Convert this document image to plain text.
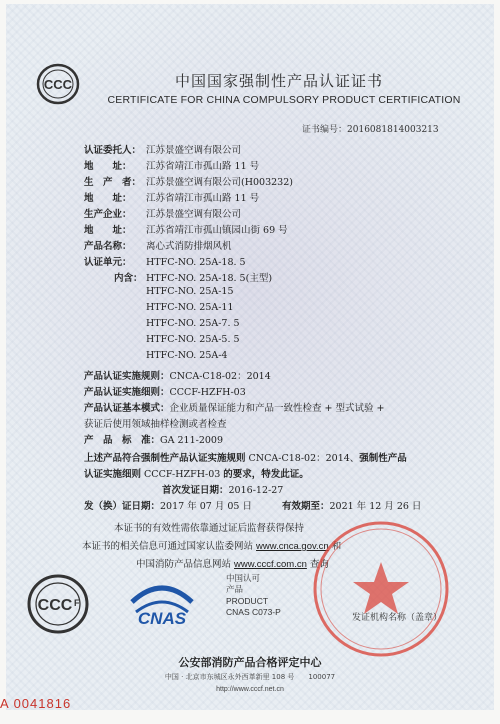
CCC	中国国家强制性产品认证证书
CERTIFICATE FOR CHINA COMPULSORY PRODUCT CERTIFICATION
证书编号：2016081814003213
认证委托人： 江苏景盛空调有限公司
地　　址： 江苏省靖江市孤山路 11 号
生　产　者： 江苏景盛空调有限公司(H003232)
地　　址： 江苏省靖江市孤山路 11 号
生产企业： 江苏景盛空调有限公司
地　　址： 江苏省靖江市孤山镇园山街 69 号
产品名称： 离心式消防排烟风机
认证单元： HTFC-NO. 25A-18. 5
内含： HTFC-NO. 25A-18. 5(主型)
HTFC-NO. 25A-15
HTFC-NO. 25A-11
HTFC-NO. 25A-7. 5
HTFC-NO. 25A-5. 5
HTFC-NO. 25A-4
产品认证实施规则：CNCA-C18-02：2014
产品认证实施细则：CCCF-HZFH-03
产品认证基本模式：企业质量保证能力和产品一致性检查 + 型式试验 +
获证后使用领域抽样检测或者检查
产　品　标　准：GA 211-2009
上述产品符合强制性产品认证实施规则 CNCA-C18-02：2014、强制性产品
认证实施细则 CCCF-HZFH-03 的要求，特发此证。
首次发证日期：2016-12-27
发（换）证日期：2017 年 07 月 05 日	有效期至：2021 年 12 月 26 日
本证书的有效性需依靠通过证后监督获得保持
本证书的相关信息可通过国家认监委网站 www.cnca.gov.cn 和
中国消防产品信息网站 www.cccf.com.cn 查询
发证机构名称（盖章）
CCC F
CNAS
中国认可
产品
PRODUCT
CNAS C073-P
公安部消防产品合格评定中心
中国 · 北京市东城区永外西革新里 108 号　　100077
http://www.cccf.net.cn
A 0041816
